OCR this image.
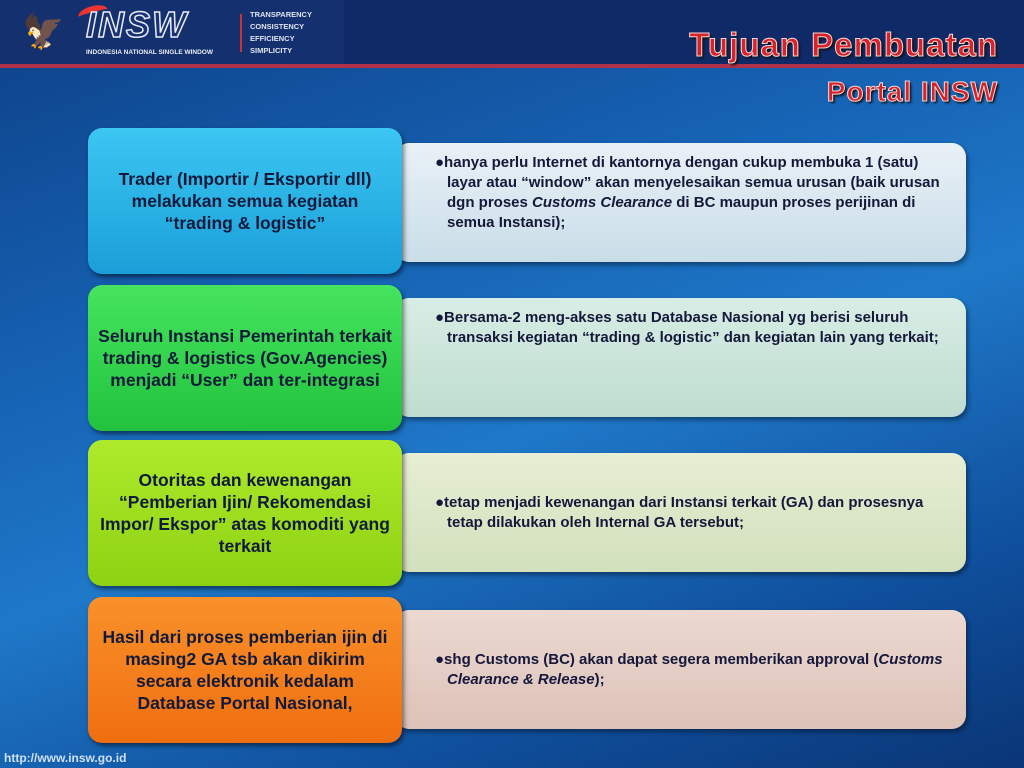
🦅 INSW
INDONESIA NATIONAL SINGLE WINDOW
TRANSPARENCY
CONSISTENCY
EFFICIENCY
SIMPLICITY	Tujuan Pembuatan
Portal INSW
Trader (Importir / Eksportir dll) melakukan semua kegiatan “trading & logistic”
●hanya perlu Internet di kantornya dengan cukup membuka 1 (satu) layar atau “window” akan menyelesaikan semua urusan (baik urusan dgn proses Customs Clearance di BC maupun proses perijinan di semua Instansi);
Seluruh Instansi Pemerintah terkait trading & logistics (Gov.Agencies) menjadi “User” dan ter-integrasi
●Bersama-2 meng-akses satu Database Nasional yg berisi seluruh transaksi kegiatan “trading & logistic” dan kegiatan lain yang terkait;
Otoritas dan kewenangan “Pemberian Ijin/ Rekomendasi Impor/ Ekspor” atas komoditi yang terkait
●tetap menjadi kewenangan dari Instansi terkait (GA) dan prosesnya tetap dilakukan oleh Internal GA tersebut;
Hasil dari proses pemberian ijin di masing2 GA tsb akan dikirim secara elektronik kedalam Database Portal Nasional,
●shg Customs (BC) akan dapat segera memberikan approval (Customs Clearance & Release);
http://www.insw.go.id
